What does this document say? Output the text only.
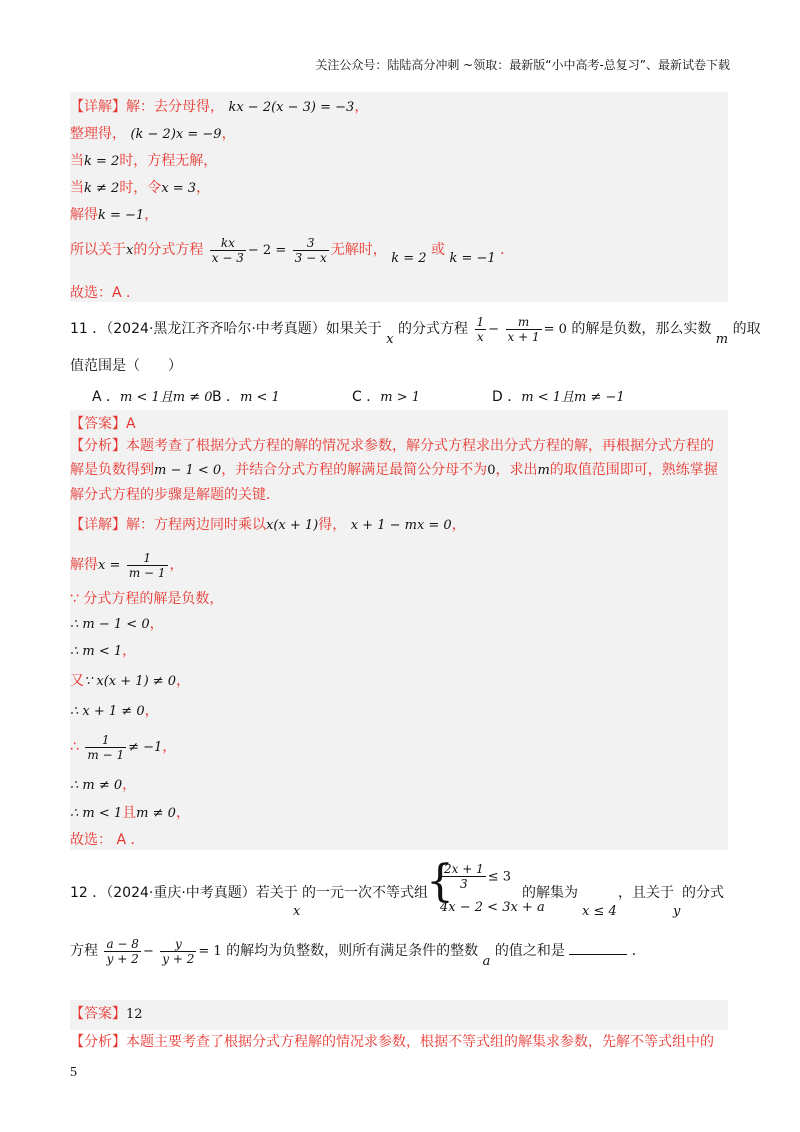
关注公众号：陆陆高分冲刺 ~领取：最新版“小中高考-总复习”、最新试卷下载
【详解】解：去分母得， kx − 2(x − 3) = −3，
整理得， (k − 2)x = −9，
当k = 2时，方程无解，
当k ≠ 2时，令x = 3，
解得k = −1，
所以关于x的分式方程 $\frac{kx}{x - 3} - 2 = \frac{3}{3 - x}$ 无解时， k = 2 或 k = −1 ．
故选：A ．
11 ．（2024·黑龙江齐齐哈尔·中考真题）如果关于 x 的分式方程 $\frac{1}{x} - \frac{m}{x + 1} = 0$ 的解是负数，那么实数 m 的取
值范围是（　　）
A ．m < 1且m ≠ 0 B ．m < 1	C ．m > 1	D ．m < 1且m ≠ −1
【答案】A
【分析】本题考查了根据分式方程的解的情况求参数，解分式方程求出分式方程的解，再根据分式方程的
解是负数得到m − 1 < 0，并结合分式方程的解满足最简公分母不为0，求出m的取值范围即可，熟练掌握
解分式方程的步骤是解题的关键．
【详解】解：方程两边同时乘以x(x + 1)得， x + 1 − mx = 0，
解得$x = \frac{1}{m - 1}$ ，
∵ 分式方程的解是负数，
∴ m − 1 < 0，
∴ m < 1，
又∵ x(x + 1) ≠ 0，
∴ x + 1 ≠ 0，
∴ $\frac{1}{m - 1} \ne -1$，
∴ m ≠ 0，
∴ m < 1且m ≠ 0，
故选： A ．
12 ．（2024·重庆·中考真题）若关于
x
的一元一次不等式组
{
$\frac{2x + 1}{3} \le 3$
4x − 2 < 3x + a
的解集为
x ≤ 4
，且关于
y
的分式
方程 $\frac{a - 8}{y + 2} - \frac{y}{y + 2} = 1$ 的解均为负整数，则所有满足条件的整数 a 的值之和是	．
【答案】12
【分析】本题主要考查了根据分式方程解的情况求参数，根据不等式组的解集求参数，先解不等式组中的
5
